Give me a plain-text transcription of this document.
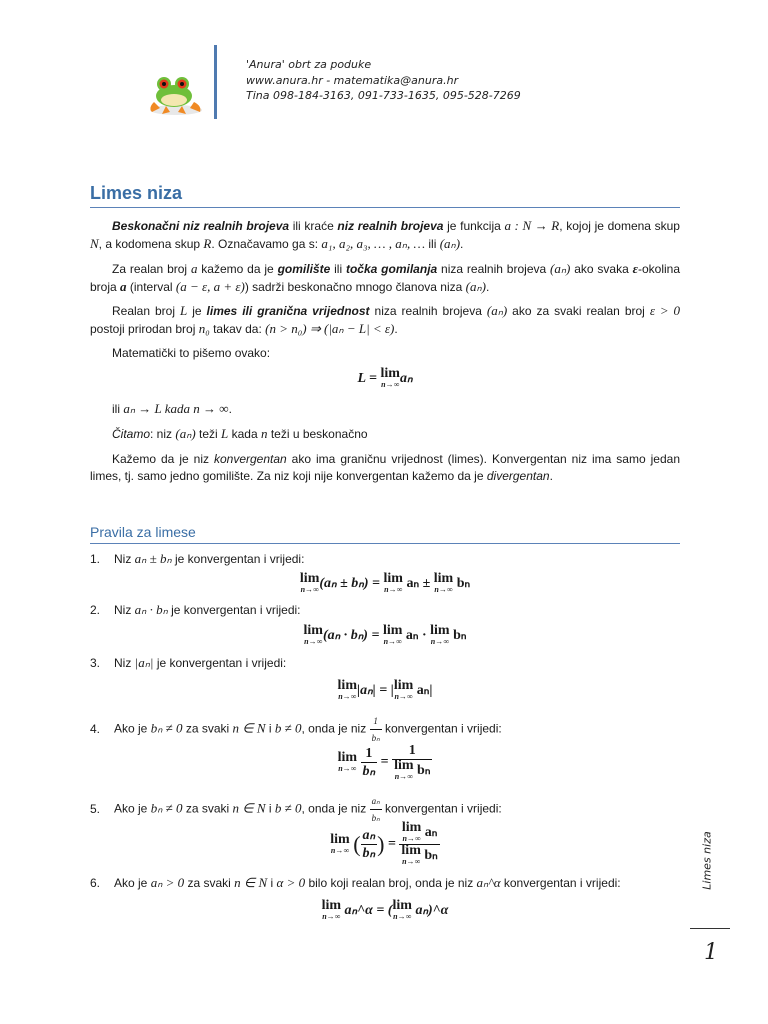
'Anura' obrt za poduke
www.anura.hr - matematika@anura.hr
Tina 098-184-3163, 091-733-1635, 095-528-7269
Limes niza
Beskonačni niz realnih brojeva ili kraće niz realnih brojeva je funkcija a : N → R, kojoj je domena skup N, a kodomena skup R. Označavamo ga s: a₁, a₂, a₃, … , aₙ, … ili (aₙ).
Za realan broj a kažemo da je gomilište ili točka gomilanja niza realnih brojeva (aₙ) ako svaka ε-okolina broja a (interval (a − ε, a + ε)) sadrži beskonačno mnogo članova niza (aₙ).
Realan broj L je limes ili granična vrijednost niza realnih brojeva (aₙ) ako za svaki realan broj ε > 0 postoji prirodan broj n₀ takav da: (n > n₀) ⇒ (|aₙ − L| < ε).
Matematički to pišemo ovako:
L = lim
n→∞ aₙ
ili aₙ → L kada n → ∞.
Čitamo: niz (aₙ) teži L kada n teži u beskonačno
Kažemo da je niz konvergentan ako ima graničnu vrijednost (limes). Konvergentan niz ima samo jedan limes, tj. samo jedno gomilište. Za niz koji nije konvergentan kažemo da je divergentan.
Pravila za limese
1. Niz aₙ ± bₙ je konvergentan i vrijedi:
lim
n→∞ (aₙ ± bₙ) = lim
n→∞ aₙ ± lim
n→∞ bₙ
2. Niz aₙ · bₙ je konvergentan i vrijedi:
lim
n→∞ (aₙ · bₙ) = lim
n→∞ aₙ · lim
n→∞ bₙ
3. Niz |aₙ| je konvergentan i vrijedi:
lim
n→∞ |aₙ| = |lim
n→∞ aₙ|
4. Ako je bₙ ≠ 0 za svaki n ∈ N i b ≠ 0, onda je niz $\frac{1}{\text{bₙ}}$ konvergentan i vrijedi:
lim
n→∞
$\frac{1}{\text{bₙ}} = 1$
lim
n→∞ bₙ
5. Ako je bₙ ≠ 0 za svaki n ∈ N i b ≠ 0, onda je niz $\frac{\text{aₙ}}{\text{bₙ}}$ konvergentan i vrijedi:
lim
n→∞ ( $\frac{\text{aₙ}}{\text{bₙ}}$ ) = lim
n→∞ aₙ
lim
n→∞ bₙ
6. Ako je aₙ > 0 za svaki n ∈ N i α > 0 bilo koji realan broj, onda je niz aₙ^α konvergentan i vrijedi:
lim
n→∞ aₙ^α = (lim
n→∞ aₙ)^α
Limes niza
1
